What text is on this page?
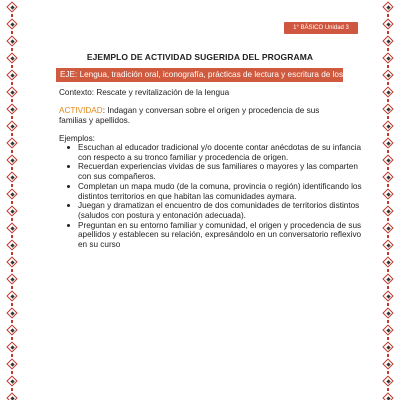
1° BÁSICO Unidad 3
EJEMPLO DE ACTIVIDAD SUGERIDA DEL PROGRAMA
EJE: Lengua, tradición oral, iconografía, prácticas de lectura y escritura de los
Contexto: Rescate y revitalización de la lengua
ACTIVIDAD: Indagan y conversan sobre el origen y procedencia de sus familias y apellidos.
Ejemplos:
Escuchan al educador tradicional y/o docente contar anécdotas de su infancia con respecto a su tronco familiar y procedencia de origen.
Recuerdan experiencias vividas de sus familiares o mayores y las comparten con sus compañeros.
Completan un mapa mudo (de la comuna, provincia o región) identificando los distintos territorios en que habitan las comunidades aymara.
Juegan y dramatizan el encuentro de dos comunidades de territorios distintos (saludos con postura y entonación adecuada).
Preguntan en su entorno familiar y comunidad, el origen y procedencia de sus apellidos y establecen su relación, expresándolo en un conversatorio reflexivo en su curso
